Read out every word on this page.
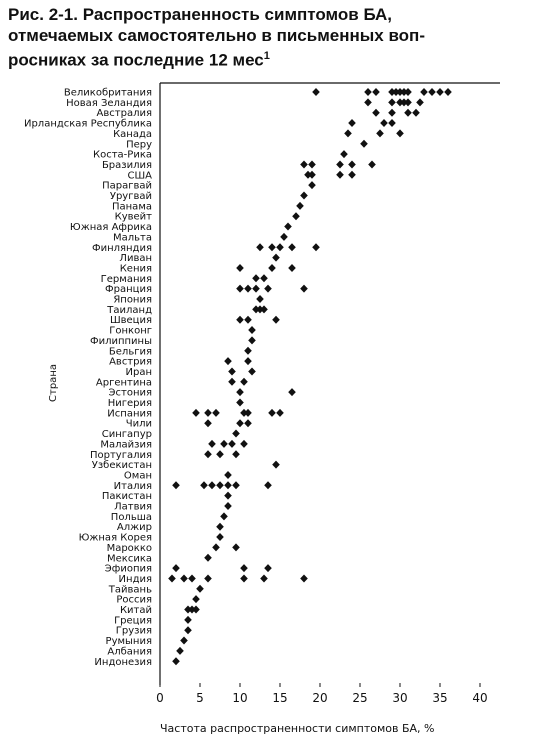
Рис. 2-1. Распространенность симптомов БА,
отмечаемых самостоятельно в письменных воп-
росниках за последние 12 мес$^1$
Великобритания
Новая Зеландия
Австралия
Ирландская Республика
Канада
Перу
Коста-Рика
Бразилия
США
Парагвай
Уругвай
Панама
Кувейт
Южная Африка
Мальта
Финляндия
Ливан
Кения
Германия
Франция
Япония
Таиланд
Швеция
Гонконг
Филиппины
Бельгия
Австрия
Иран
Аргентина
Эстония
Нигерия
Испания
Чили
Сингапур
Малайзия
Португалия
Узбекистан
Оман
Италия
Пакистан
Латвия
Польша
Алжир
Южная Корея
Марокко
Мексика
Эфиопия
Индия
Тайвань
Россия
Китай
Греция
Грузия
Румыния
Албания
Индонезия
0	5 10 15 20 25 30 35 40
Частота распространенности симптомов БА, %
Страна
